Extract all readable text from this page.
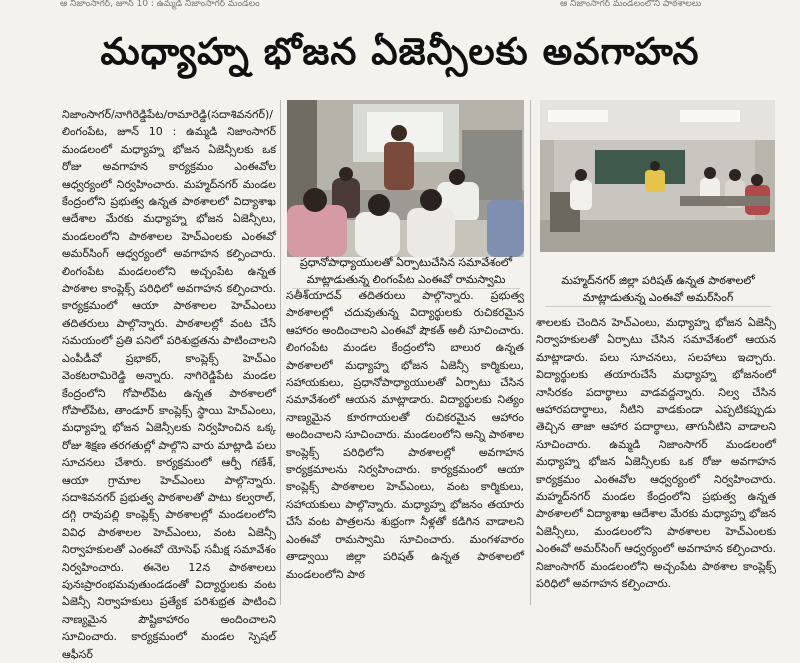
ఆ నిజాంసాగర్, జూన్ 10 : ఉమ్మడి నిజాంసాగర్ మండలం	ఆ నిజాంసాగర్ మండలంలోని పాఠశాలలు
మధ్యాహ్న భోజన ఏజెన్సీలకు అవగాహన

నిజాంసాగర్/నాగిరెడ్డిపేట/రామారెడ్డి(సదాశివనగర్)/లింగంపేట, జూన్ 10 : ఉమ్మడి నిజాంసాగర్ మండలంలో మధ్యాహ్న భోజన ఏజెన్సీలకు ఒక రోజు అవగాహన కార్యక్రమం ఎంఈవోల ఆధ్వర్యంలో నిర్వహించారు. మహ్మద్‌నగర్ మండల కేంద్రంలోని ప్రభుత్వ ఉన్నత పాఠశాలలో విద్యాశాఖ ఆదేశాల మేరకు మధ్యాహ్న భోజన ఏజెన్సీలు, మండలంలోని పాఠశాలల హెచ్ఎంలకు ఎంఈవో అమర్‌సింగ్ ఆధ్వర్యంలో అవగాహన కల్పించారు. లింగంపేట మండలంలోని అచ్చంపేట ఉన్నత పాఠశాల కాంప్లెక్స్ పరిధిలో అవగాహన కల్పించారు. కార్యక్రమంలో ఆయా పాఠశాలల హెచ్ఎంలు తదితరులు పాల్గొన్నారు. పాఠశాలల్లో వంట చేసే సమయంలో ప్రతి పనిలో పరిశుభ్రతను పాటించాలని ఎంపీడీవో ప్రభాకర్, కాంప్లెక్స్ హెచ్ఎం వెంకటరామిరెడ్డి అన్నారు. నాగిరెడ్డిపేట మండల కేంద్రంలోని గోపాల్‌పేట ఉన్నత పాఠశాలలో గోపాల్‌పేట, తాండూర్ కాంప్లెక్స్ స్థాయి హెచ్ఎంలు, మధ్యాహ్న భోజన ఏజెన్సీలకు నిర్వహించిన ఒక్క రోజు శిక్షణ తరగతుల్లో పాల్గొని వారు మాట్లాడి పలు సూచనలు చేశారు. కార్యక్రమంలో ఆర్పీ గణేశ్, ఆయా గ్రామాల హెచ్ఎంలు పాల్గొన్నారు. సదాశివనగర్ ప్రభుత్వ పాఠశాలతో పాటు కల్వరాల్, దగ్గి రావుపల్లి కాంప్లెక్స్ పాఠశాలల్లో మండలంలోని వివిధ పాఠశాలల హెచ్ఎంలు, వంట ఏజెన్సీ నిర్వాహకులతో ఎంఈవో యోసెఫ్ సమీక్ష సమావేశం నిర్వహించారు. ఈనెల 12న పాఠశాలలు పునఃప్రారంభమవుతుండడంతో విద్యార్థులకు వంట ఏజెన్సీ నిర్వాహకులు ప్రత్యేక పరిశుభ్రత పాటించి నాణ్యమైన పౌష్టికాహారం అందించాలని సూచించారు. కార్యక్రమంలో మండల స్పెషల్ ఆఫీసర్

ప్రధానోపాధ్యాయులతో ఏర్పాటుచేసిన సమావేశంలో మాట్లాడుతున్న లింగంపేట ఎంఈవో రామస్వామి	మహ్మద్‌నగర్ జిల్లా పరిషత్ ఉన్నత పాఠశాలలో మాట్లాడుతున్న ఎంఈవో అమర్‌సింగ్

సతీశ్‌యాదవ్ తదితరులు పాల్గొన్నారు. ప్రభుత్వ పాఠశాలల్లో చదువుతున్న విద్యార్థులకు రుచికరమైన ఆహారం అందించాలని ఎంఈవో షౌకత్ అలీ సూచించారు. లింగంపేట మండల కేంద్రంలోని బాలుర ఉన్నత పాఠశాలలో మధ్యాహ్న భోజన ఏజెన్సీ కార్మికులు, సహాయకులు, ప్రధానోపాధ్యాయులతో ఏర్పాటు చేసిన సమావేశంలో ఆయన మాట్లాడారు. విద్యార్థులకు నిత్యం నాణ్యమైన కూరగాయలతో రుచికరమైన ఆహారం అందించాలని సూచించారు. మండలంలోని అన్ని పాఠశాల కాంప్లెక్స్ పరిధిలోని పాఠశాలల్లో అవగాహన కార్యక్రమాలను నిర్వహించారు. కార్యక్రమంలో ఆయా కాంప్లెక్స్ పాఠశాలల హెచ్ఎంలు, వంట కార్మికులు, సహాయకులు పాల్గొన్నారు. మధ్యాహ్న భోజనం తయారు చేసే వంట పాత్రలను శుభ్రంగా నీళ్లతో కడిగిన వాడాలని ఎంఈవో రామస్వామి సూచించారు. మంగళవారం తాడ్వాయి జిల్లా పరిషత్ ఉన్నత పాఠశాలలో మండలంలోని పాఠ

శాలలకు చెందిన హెచ్ఎంలు, మధ్యాహ్న భోజన ఏజెన్సీ నిర్వాహకులతో ఏర్పాటు చేసిన సమావేశంలో ఆయన మాట్లాడారు. పలు సూచనలు, సలహాలు ఇచ్చారు. విద్యార్థులకు తయారుచేసే మధ్యాహ్న భోజనంలో నాసిరకం పదార్థాలు వాడవద్దన్నారు. నిల్వ చేసిన ఆహారపదార్థాలు, నీటిని వాడకుండా ఎప్పటికప్పుడు తెచ్చిన తాజా ఆహార పదార్థాలు, తాగునీటిని వాడాలని సూచించారు. ఉమ్మడి నిజాంసాగర్ మండలంలో మధ్యాహ్న భోజన ఏజెన్సీలకు ఒక రోజు అవగాహన కార్యక్రమం ఎంఈవోల ఆధ్వర్యంలో నిర్వహించారు. మహ్మద్‌నగర్ మండల కేంద్రంలోని ప్రభుత్వ ఉన్నత పాఠశాలలో విద్యాశాఖ ఆదేశాల మేరకు మధ్యాహ్న భోజన ఏజెన్సీలు, మండలంలోని పాఠశాలల హెచ్ఎంలకు ఎంఈవో అమర్‌సింగ్ ఆధ్వర్యంలో అవగాహన కల్పించారు. నిజాంసాగర్ మండలంలోని అచ్చంపేట పాఠశాల కాంప్లెక్స్ పరిధిలో అవగాహన కల్పించారు.
